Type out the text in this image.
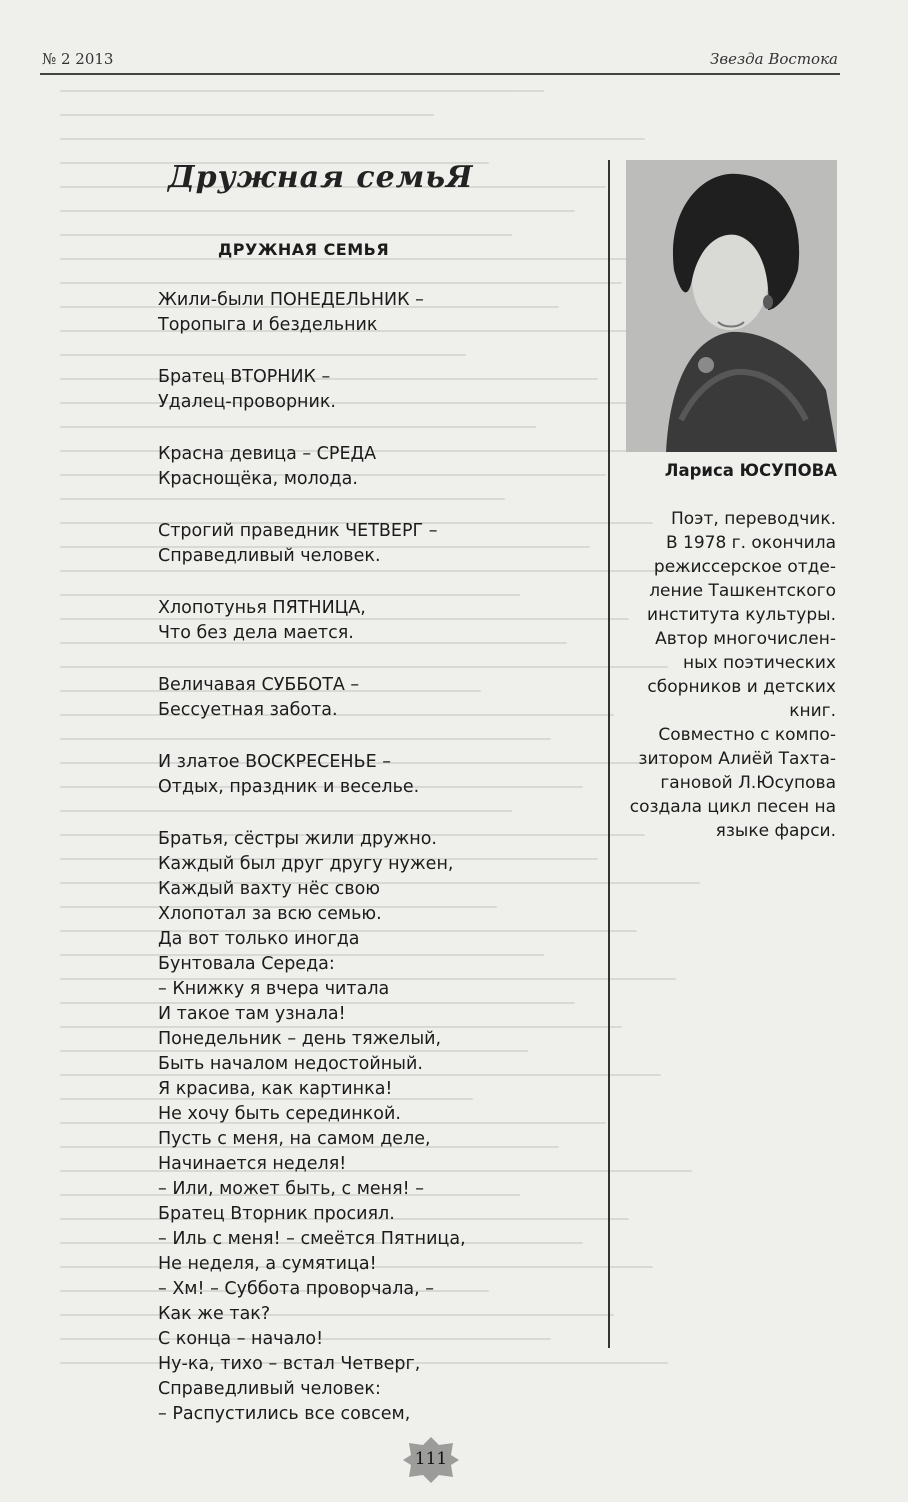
№ 2 2013	Звезда Востока
Дружная семьЯ
ДРУЖНАЯ СЕМЬЯ
Жили-были ПОНЕДЕЛЬНИК –
Торопыга и бездельник
Братец ВТОРНИК –
Удалец-проворник.
Красна девица – СРЕДА
Краснощёка, молода.
Строгий праведник ЧЕТВЕРГ –
Справедливый человек.
Хлопотунья ПЯТНИЦА,
Что без дела мается.
Величавая СУББОТА –
Бессуетная забота.
И златое ВОСКРЕСЕНЬЕ –
Отдых, праздник и веселье.
Братья, сёстры жили дружно.
Каждый был друг другу нужен,
Каждый вахту нёс свою
Хлопотал за всю семью.
Да вот только иногда
Бунтовала Середа:
– Книжку я вчера читала
И такое там узнала!
Понедельник – день тяжелый,
Быть началом недостойный.
Я красива, как картинка!
Не хочу быть серединкой.
Пусть с меня, на самом деле,
Начинается неделя!
– Или, может быть, с меня! –
Братец Вторник просиял.
– Иль с меня! – смеётся Пятница,
Не неделя, а сумятица!
– Хм! – Суббота проворчала, –
Как же так?
С конца – начало!
Ну-ка, тихо – встал Четверг,
Справедливый человек:
– Распустились все совсем,
Лариса ЮСУПОВА
Поэт, переводчик.
В 1978 г. окончила
режиссерское отде-
ление Ташкентского
института культуры.
Автор многочислен-
ных поэтических
сборников и детских
книг.
Совместно с компо-
зитором Алиёй Тахта-
гановой Л.Юсупова
создала цикл песен на
языке фарси.
111
